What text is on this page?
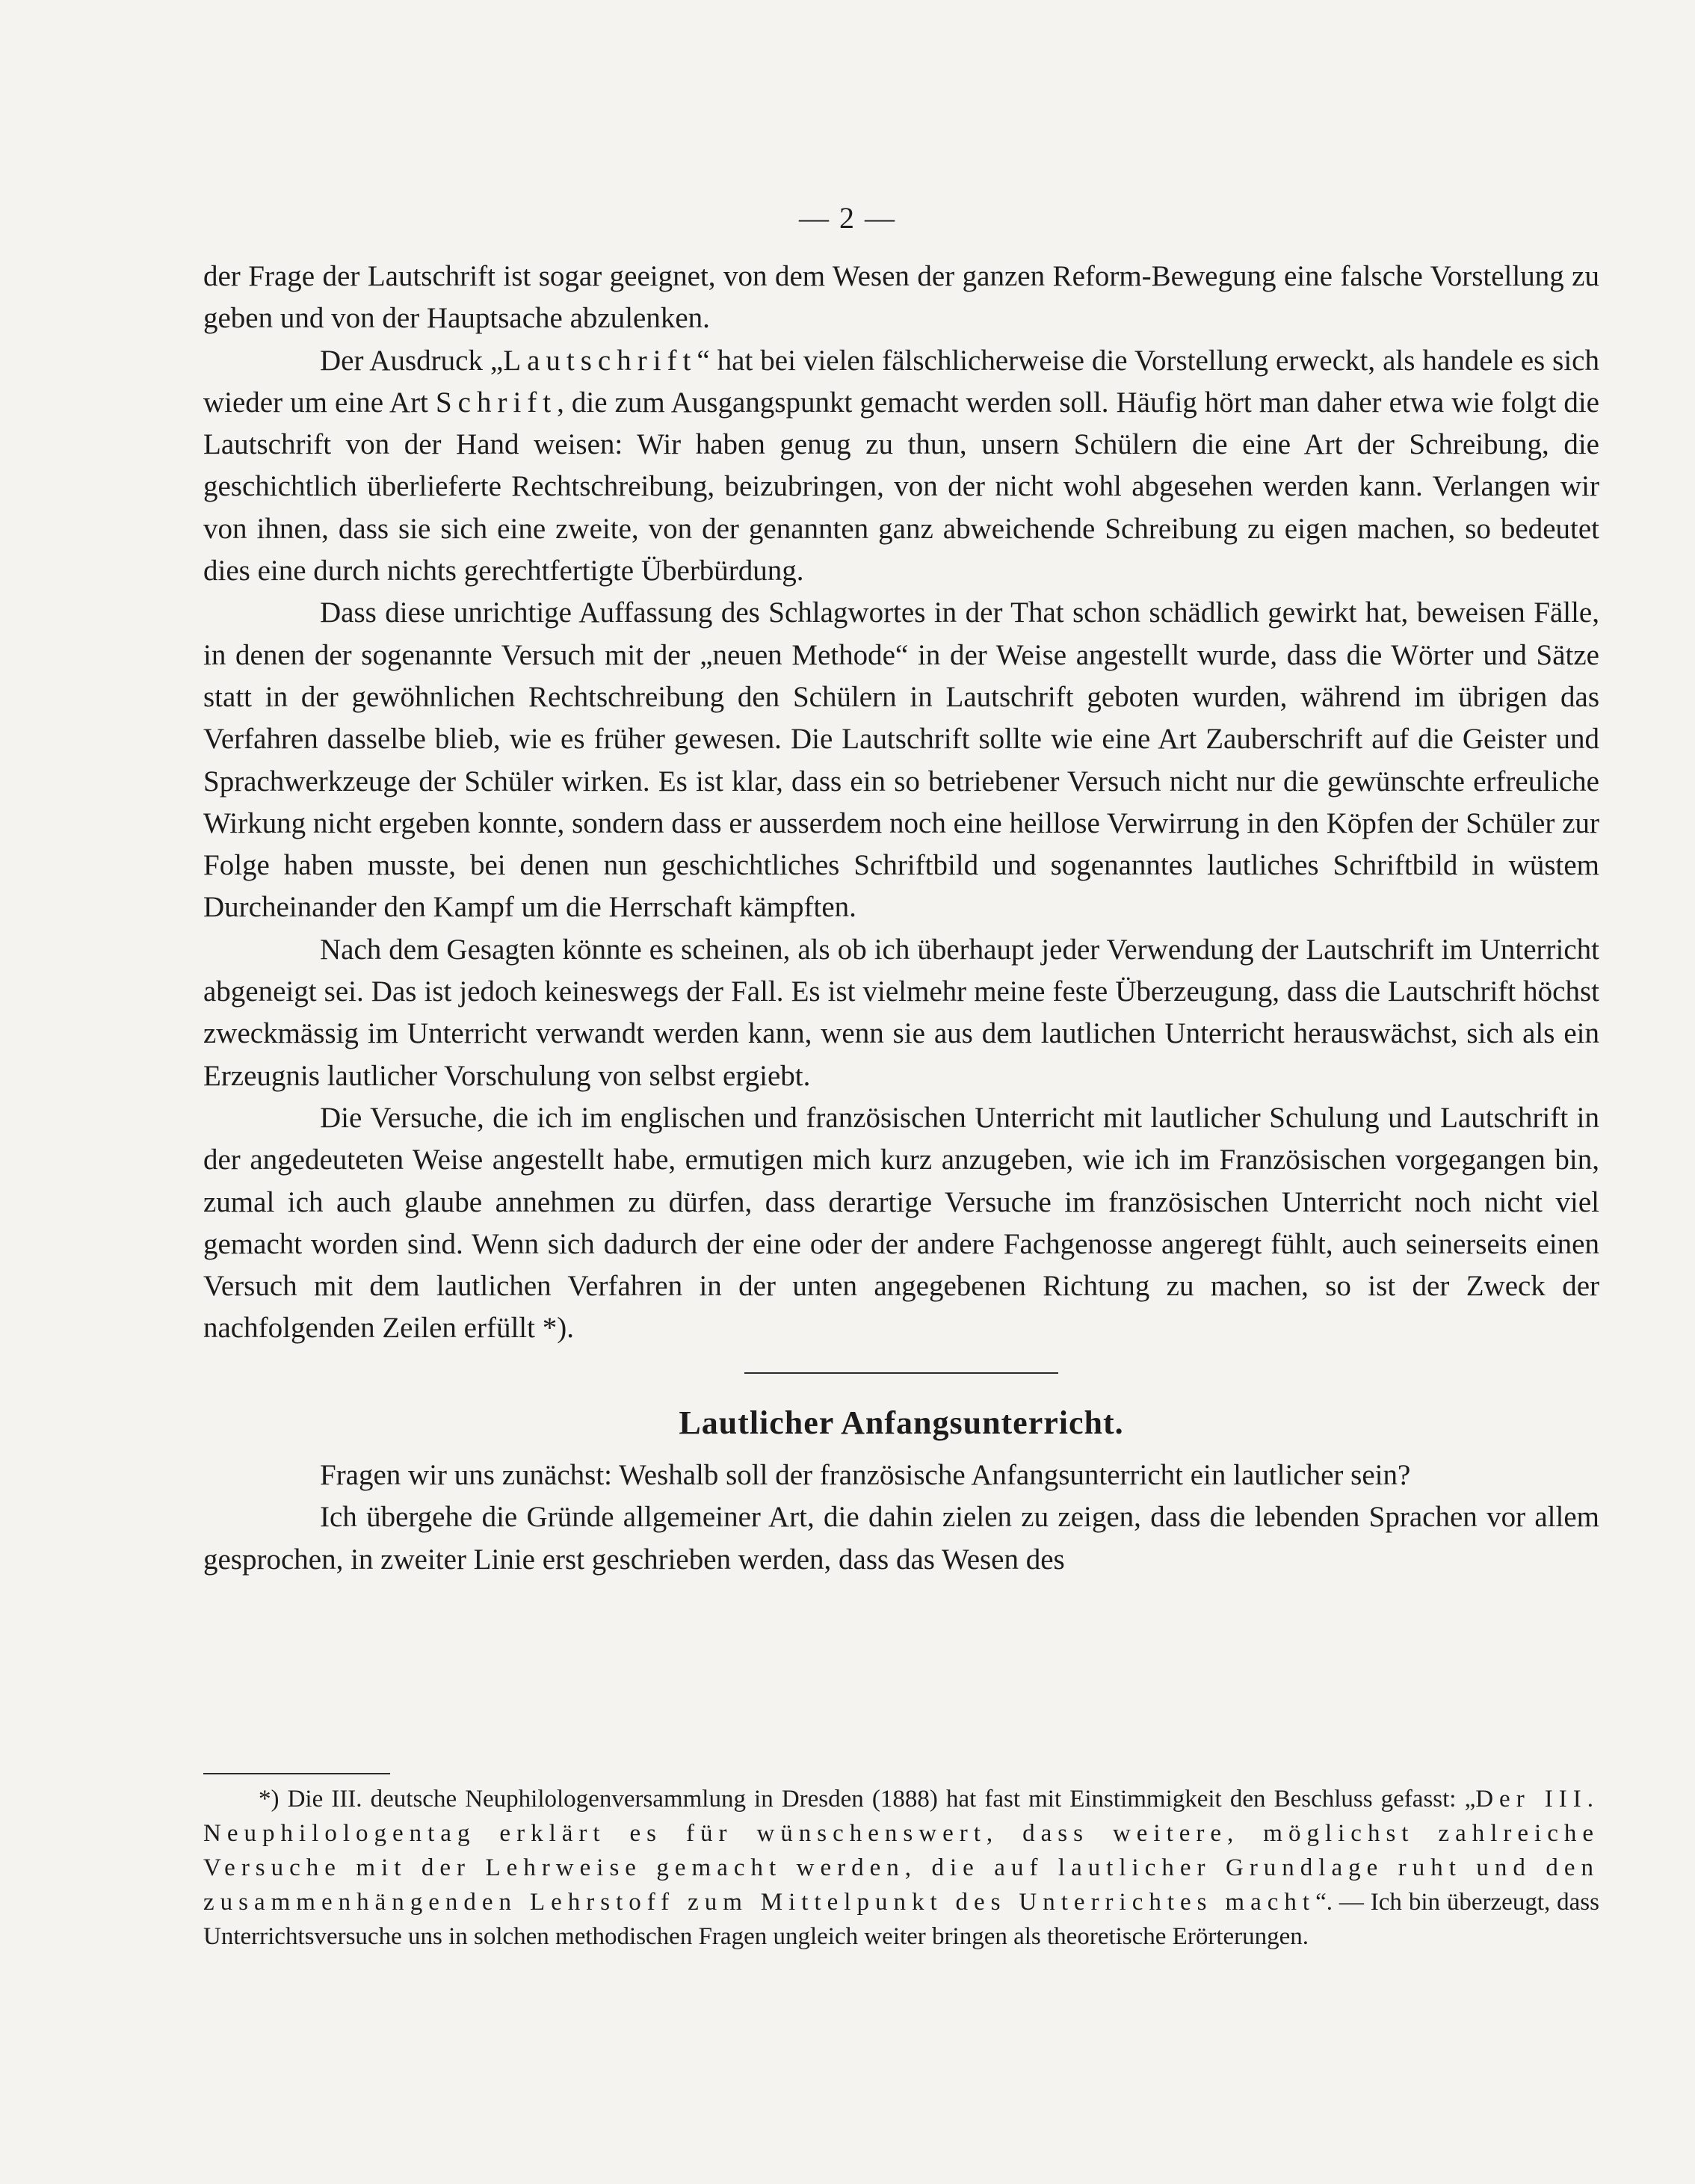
— 2 —

der Frage der Lautschrift ist sogar geeignet, von dem Wesen der ganzen Reform-Bewegung eine falsche Vorstellung zu geben und von der Hauptsache abzulenken.

Der Ausdruck „Lautschrift“ hat bei vielen fälschlicherweise die Vorstellung erweckt, als handele es sich wieder um eine Art Schrift, die zum Ausgangspunkt gemacht werden soll. Häufig hört man daher etwa wie folgt die Lautschrift von der Hand weisen: Wir haben genug zu thun, unsern Schülern die eine Art der Schreibung, die geschichtlich überlieferte Rechtschreibung, beizubringen, von der nicht wohl abgesehen werden kann. Verlangen wir von ihnen, dass sie sich eine zweite, von der genannten ganz abweichende Schreibung zu eigen machen, so bedeutet dies eine durch nichts gerechtfertigte Überbürdung.

Dass diese unrichtige Auffassung des Schlagwortes in der That schon schädlich gewirkt hat, beweisen Fälle, in denen der sogenannte Versuch mit der „neuen Methode“ in der Weise angestellt wurde, dass die Wörter und Sätze statt in der gewöhnlichen Rechtschreibung den Schülern in Lautschrift geboten wurden, während im übrigen das Verfahren dasselbe blieb, wie es früher gewesen. Die Lautschrift sollte wie eine Art Zauberschrift auf die Geister und Sprachwerkzeuge der Schüler wirken. Es ist klar, dass ein so betriebener Versuch nicht nur die gewünschte erfreuliche Wirkung nicht ergeben konnte, sondern dass er ausserdem noch eine heillose Verwirrung in den Köpfen der Schüler zur Folge haben musste, bei denen nun geschichtliches Schriftbild und sogenanntes lautliches Schriftbild in wüstem Durcheinander den Kampf um die Herrschaft kämpften.

Nach dem Gesagten könnte es scheinen, als ob ich überhaupt jeder Verwendung der Lautschrift im Unterricht abgeneigt sei. Das ist jedoch keineswegs der Fall. Es ist vielmehr meine feste Überzeugung, dass die Lautschrift höchst zweckmässig im Unterricht verwandt werden kann, wenn sie aus dem lautlichen Unterricht herauswächst, sich als ein Erzeugnis lautlicher Vorschulung von selbst ergiebt.

Die Versuche, die ich im englischen und französischen Unterricht mit lautlicher Schulung und Lautschrift in der angedeuteten Weise angestellt habe, ermutigen mich kurz anzugeben, wie ich im Französischen vorgegangen bin, zumal ich auch glaube annehmen zu dürfen, dass derartige Versuche im französischen Unterricht noch nicht viel gemacht worden sind. Wenn sich dadurch der eine oder der andere Fachgenosse angeregt fühlt, auch seinerseits einen Versuch mit dem lautlichen Verfahren in der unten angegebenen Richtung zu machen, so ist der Zweck der nachfolgenden Zeilen erfüllt *).

Lautlicher Anfangsunterricht.

Fragen wir uns zunächst: Weshalb soll der französische Anfangsunterricht ein lautlicher sein?

Ich übergehe die Gründe allgemeiner Art, die dahin zielen zu zeigen, dass die lebenden Sprachen vor allem gesprochen, in zweiter Linie erst geschrieben werden, dass das Wesen des

*) Die III. deutsche Neuphilologenversammlung in Dresden (1888) hat fast mit Einstimmigkeit den Beschluss gefasst: „Der III. Neuphilologentag erklärt es für wünschenswert, dass weitere, möglichst zahlreiche Versuche mit der Lehrweise gemacht werden, die auf lautlicher Grundlage ruht und den zusammenhängenden Lehrstoff zum Mittelpunkt des Unterrichtes macht“. — Ich bin überzeugt, dass Unterrichtsversuche uns in solchen methodischen Fragen ungleich weiter bringen als theoretische Erörterungen.
